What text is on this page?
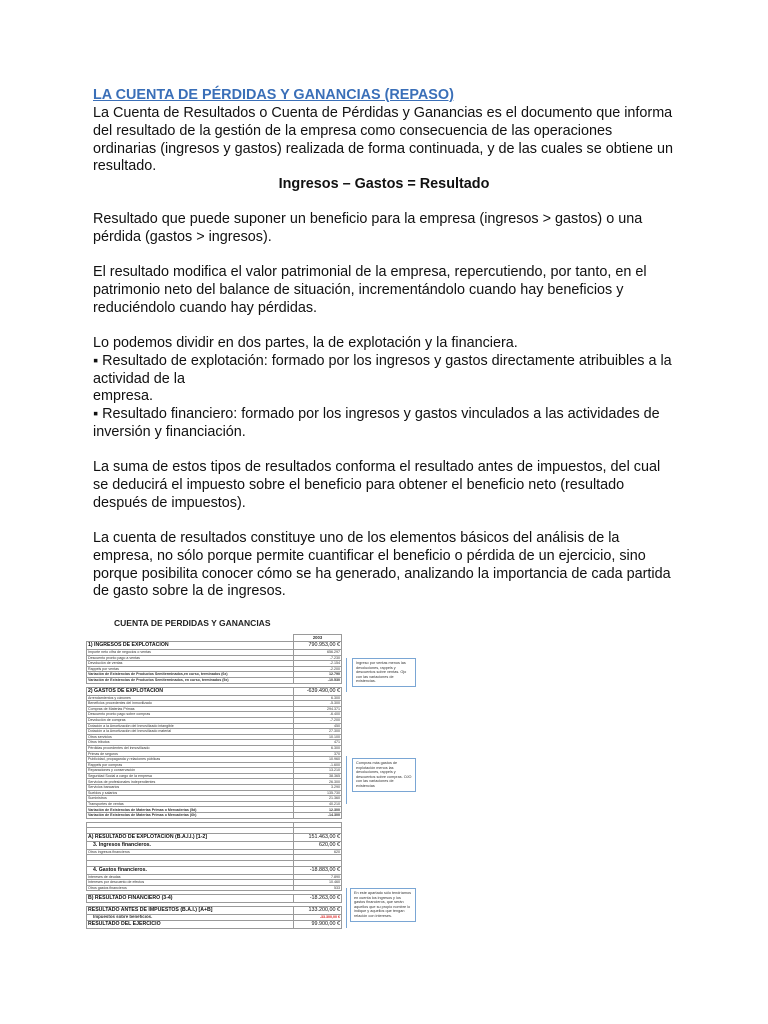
LA CUENTA DE PÉRDIDAS Y GANANCIAS (REPASO)

La Cuenta de Resultados o Cuenta de Pérdidas y Ganancias es el documento que informa del resultado de la gestión de la empresa como consecuencia de las operaciones ordinarias (ingresos y gastos) realizada de forma continuada, y de las cuales se obtiene un resultado.

Ingresos – Gastos = Resultado

Resultado que puede suponer un beneficio para la empresa (ingresos > gastos) o una pérdida (gastos > ingresos).

El resultado modifica el valor patrimonial de la empresa, repercutiendo, por tanto, en el patrimonio neto del balance de situación, incrementándolo cuando hay beneficios y reduciéndolo cuando hay pérdidas.

Lo podemos dividir en dos partes, la de explotación y la financiera.

▪ Resultado de explotación: formado por los ingresos y gastos directamente atribuibles a la actividad de la

empresa.

▪ Resultado financiero: formado por los ingresos y gastos vinculados a las actividades de inversión y financiación.

La suma de estos tipos de resultados conforma el resultado antes de impuestos, del cual se deducirá el impuesto sobre el beneficio para obtener el beneficio neto (resultado después de impuestos).

La cuenta de resultados constituye uno de los elementos básicos del análisis de la empresa, no sólo porque permite cuantificar el beneficio o pérdida de un ejercicio, sino porque posibilita conocer cómo se ha generado, analizando la importancia de cada partida de gasto sobre la de ingresos.

CUENTA DE PERDIDAS Y GANANCIAS
	2003
1) INGRESOS DE EXPLOTACIÓN	790.953,00 €
Importe neto cifra de negocios o ventas	656.297
Descuento pronto pago a ventas	-7.230
Devolución de ventas	-2.154
Rappels por ventas	-2.200
Variación de Existencias de Productos Semiterminados,en curso, terminados (6x)	12.790
Variación de Existencias de Productos Semiterminados, en curso, terminados (5x)	-10.530

2) GASTOS DE EXPLOTACIÓN	-639.490,00 €
Arrendamientos y cánones	6.300
Beneficios procedentes del inmovilizado	-5.300
Compras de Materias Primas	294.371
Descuento pronto pago sobre compras	-6.400
Devolución de compras	-7.200
Dotación a la Amortización del Inmovilizado intangible	450
Dotación a la Amortización del Inmovilizado material	27.300
Otros servicios	10.100
Otros tributos	471
Pérdidas procedentes del inmovilizado	6.300
Primas de seguros	370
Publicidad, propaganda y relaciones públicas	10.960
Rappels por compras	-1.600
Reparaciones y conservación	13.210
Seguridad Social a cargo de la empresa	38.365
Servicios de profesionales independientes	26.300
Servicios bancarios	3.290
Sueldos y salarios	135.730
Suministros	21.360
Transportes de ventas	40.210
Variación de Existencias de Materias Primas o Mercaderías (5d)	12.300
Variación de Existencias de Materias Primas o Mercaderías (6h)	-14.300

A) RESULTADO DE EXPLOTACIÓN (B.A.I.I.) [1-2]	151.463,00 €
3. Ingresos financieros.	620,00 €
Otros ingresos financieros	620

4. Gastos financieros.	-18.883,00 €
Intereses de deudas	7.890
Intereses por descuento de efectos	10.460
Otros gastos financieros	533

B) RESULTADO FINANCIERO (3-4)	-18.263,00 €

RESULTADO ANTES DE IMPUESTOS (B.A.I.) [A+B]	133.200,00 €
Impuestos sobre beneficios.	-33.300,00 €
RESULTADO DEL EJERCICIO	99.900,00 €
Ingreso por ventas menos las devoluciones, rappels y descuentos sobre ventas. Ojo con las variaciones de existencias.
Compras más gastos de explotación menos las devoluciones, rappels y descuentos sobre compras. OJO con las variaciones de existencias
En este apartado sólo tendríamos en cuenta los ingresos y los gastos financieros, que serán aquellos que su propio nombre lo indique y aquellos que tengan relación con intereses.
